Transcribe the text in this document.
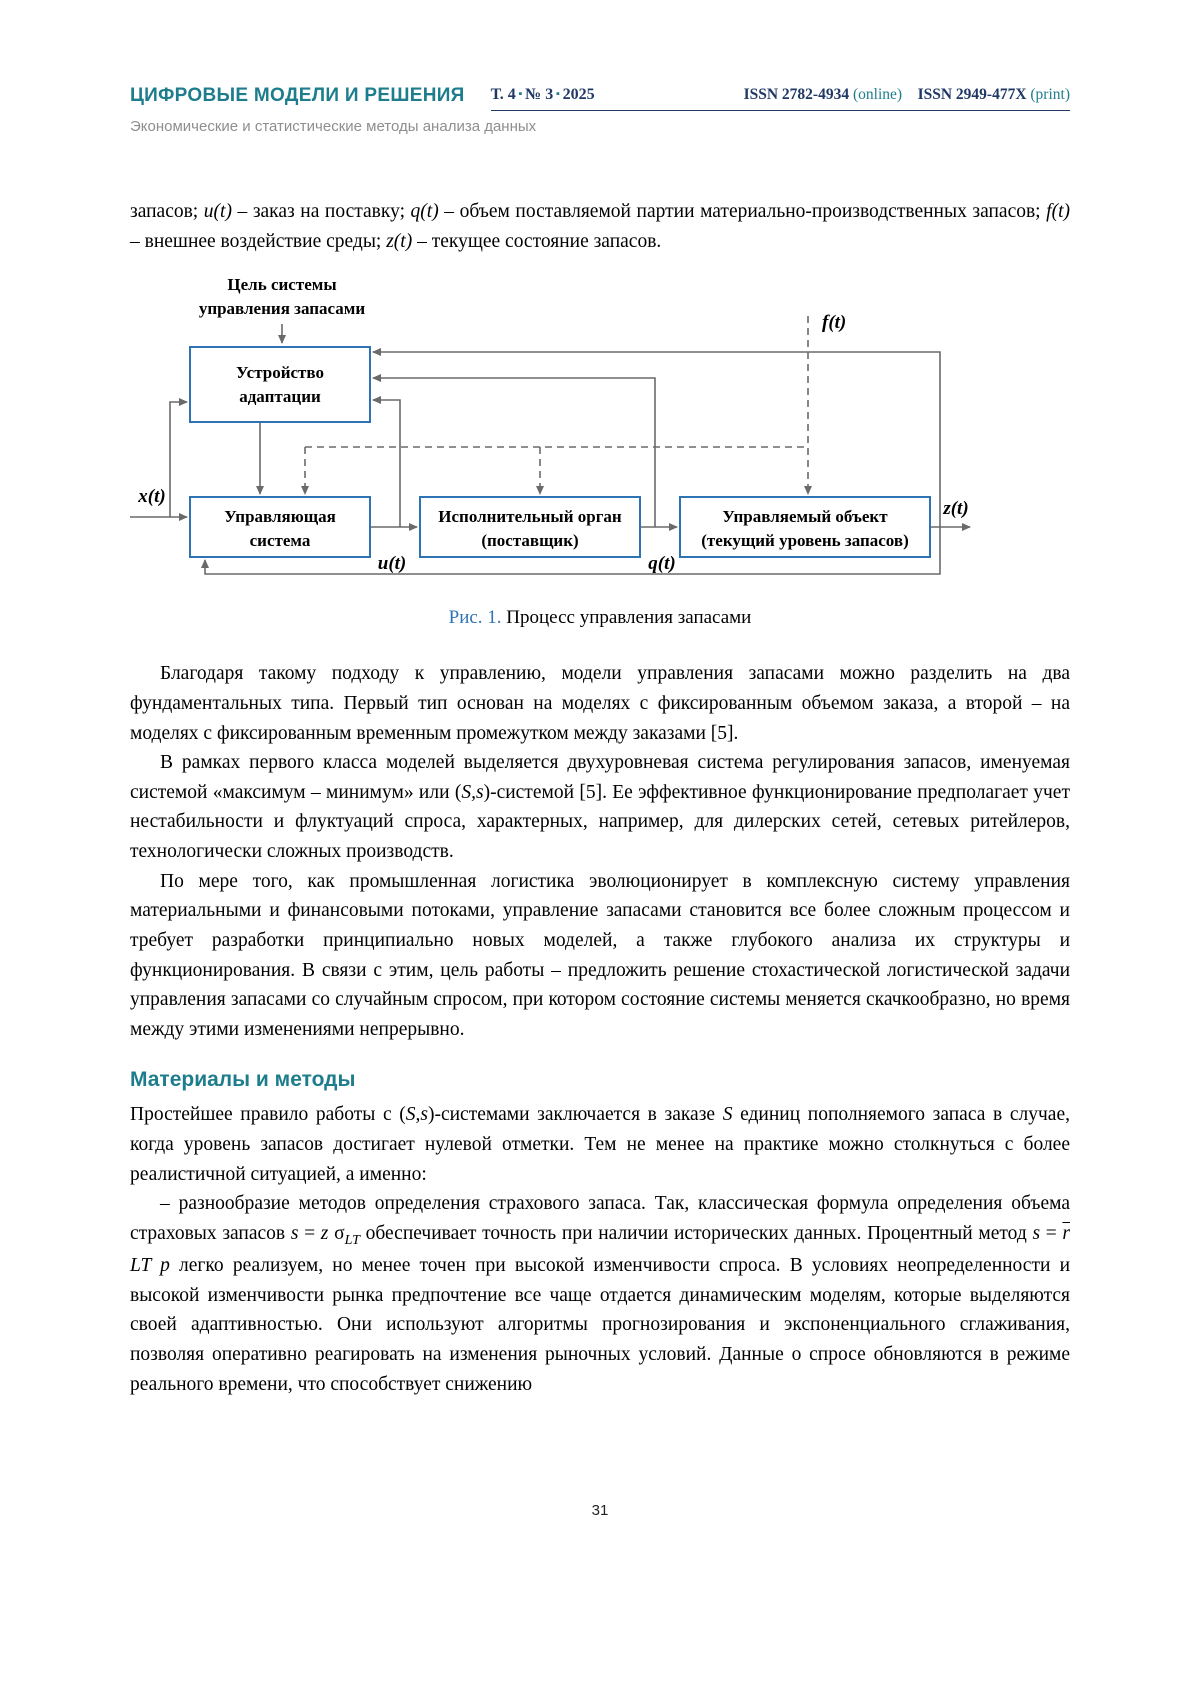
ЦИФРОВЫЕ МОДЕЛИ И РЕШЕНИЯ Т. 4 ▪ № 3 ▪ 2025	ISSN 2782-4934 (online) ISSN 2949-477X (print)
Экономические и статистические методы анализа данных

запасов; u(t) – заказ на поставку; q(t) – объем поставляемой партии материально-производственных запасов; f(t) – внешнее воздействие среды; z(t) – текущее состояние запасов.

Цель системы
управления запасами
Устройство
адаптации
Управляющая
система
Исполнительный орган
(поставщик)
Управляемый объект
(текущий уровень запасов)
x(t)
u(t)	q(t)
z(t)
f(t)
Рис. 1. Процесс управления запасами

Благодаря такому подходу к управлению, модели управления запасами можно разделить на два фундаментальных типа. Первый тип основан на моделях с фиксированным объемом заказа, а второй – на моделях с фиксированным временным промежутком между заказами [5].

В рамках первого класса моделей выделяется двухуровневая система регулирования запасов, именуемая системой «максимум – минимум» или (S,s)-системой [5]. Ее эффективное функционирование предполагает учет нестабильности и флуктуаций спроса, характерных, например, для дилерских сетей, сетевых ритейлеров, технологически сложных производств.

По мере того, как промышленная логистика эволюционирует в комплексную систему управления материальными и финансовыми потоками, управление запасами становится все более сложным процессом и требует разработки принципиально новых моделей, а также глубокого анализа их структуры и функционирования. В связи с этим, цель работы – предложить решение стохастической логистической задачи управления запасами со случайным спросом, при котором состояние системы меняется скачкообразно, но время между этими изменениями непрерывно.

Материалы и методы

Простейшее правило работы с (S,s)-системами заключается в заказе S единиц пополняемого запаса в случае, когда уровень запасов достигает нулевой отметки. Тем не менее на практике можно столкнуться с более реалистичной ситуацией, а именно:

– разнообразие методов определения страхового запаса. Так, классическая формула определения объема страховых запасов s = z $\sigma_{LT}$ обеспечивает точность при наличии исторических данных. Процентный метод $s = \overline{r}$ LT p легко реализуем, но менее точен при высокой изменчивости спроса. В условиях неопределенности и высокой изменчивости рынка предпочтение все чаще отдается динамическим моделям, которые выделяются своей адаптивностью. Они используют алгоритмы прогнозирования и экспоненциального сглаживания, позволяя оперативно реагировать на изменения рыночных условий. Данные о спросе обновляются в режиме реального времени, что способствует снижению

31
